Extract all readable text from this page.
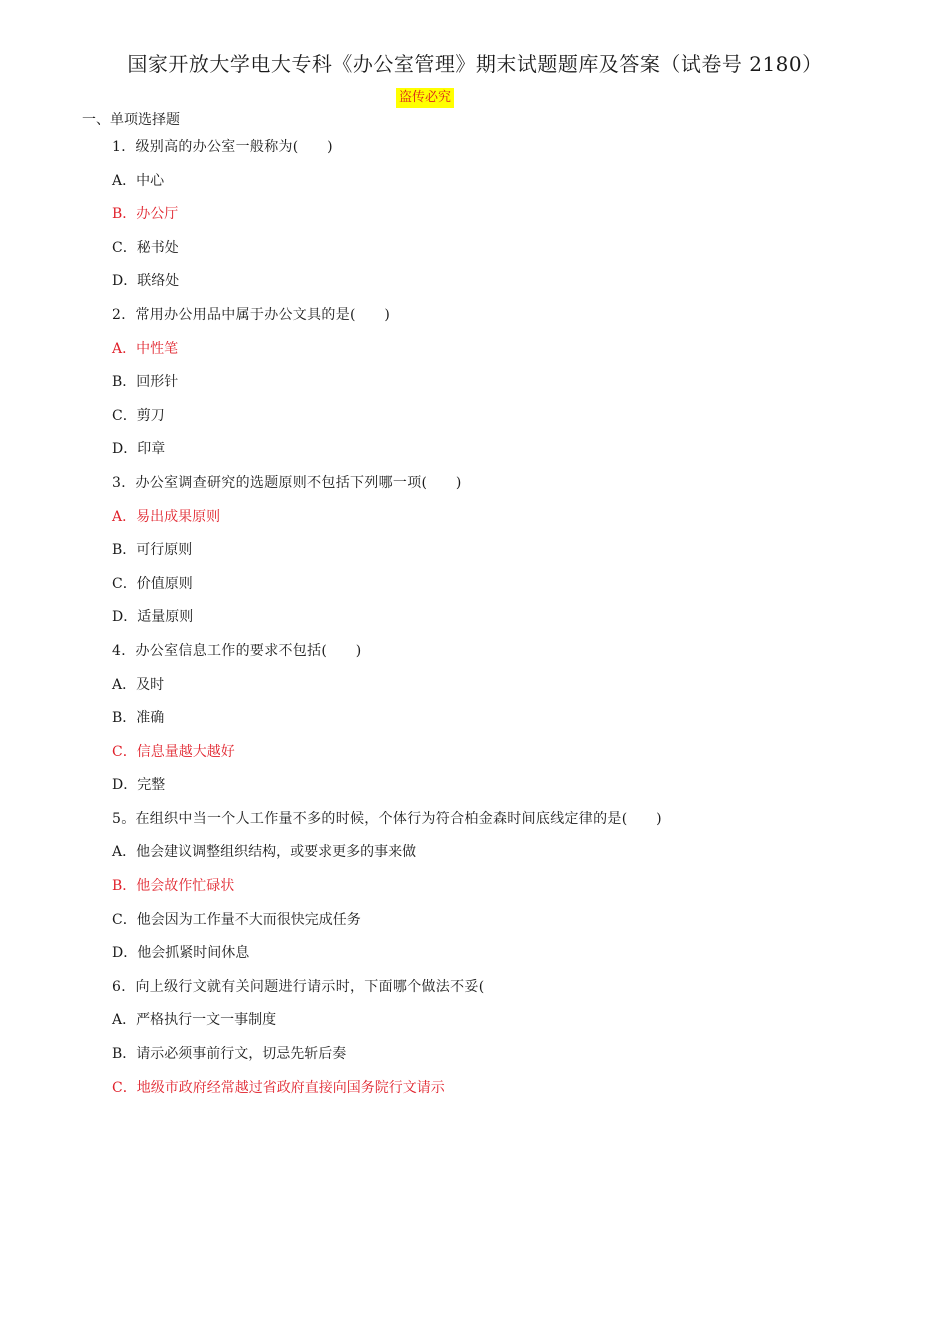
国家开放大学电大专科《办公室管理》期末试题题库及答案（试卷号 2180）
盗传必究
一、单项选择题
1．级别高的办公室一般称为(　　)
A．中心
B．办公厅
C．秘书处
D．联络处
2．常用办公用品中属于办公文具的是(　　)
A．中性笔
B．回形针
C．剪刀
D．印章
3．办公室调查研究的选题原则不包括下列哪一项(　　)
A．易出成果原则
B．可行原则
C．价值原则
D．适量原则
4．办公室信息工作的要求不包括(　　)
A．及时
B．准确
C．信息量越大越好
D．完整
5。在组织中当一个人工作量不多的时候，个体行为符合柏金森时间底线定律的是(　　)
A．他会建议调整组织结构，或要求更多的事来做
B．他会故作忙碌状
C．他会因为工作量不大而很快完成任务
D．他会抓紧时间休息
6．向上级行文就有关问题进行请示时，下面哪个做法不妥(
A．严格执行一文一事制度
B．请示必须事前行文，切忌先斩后奏
C．地级市政府经常越过省政府直接向国务院行文请示
